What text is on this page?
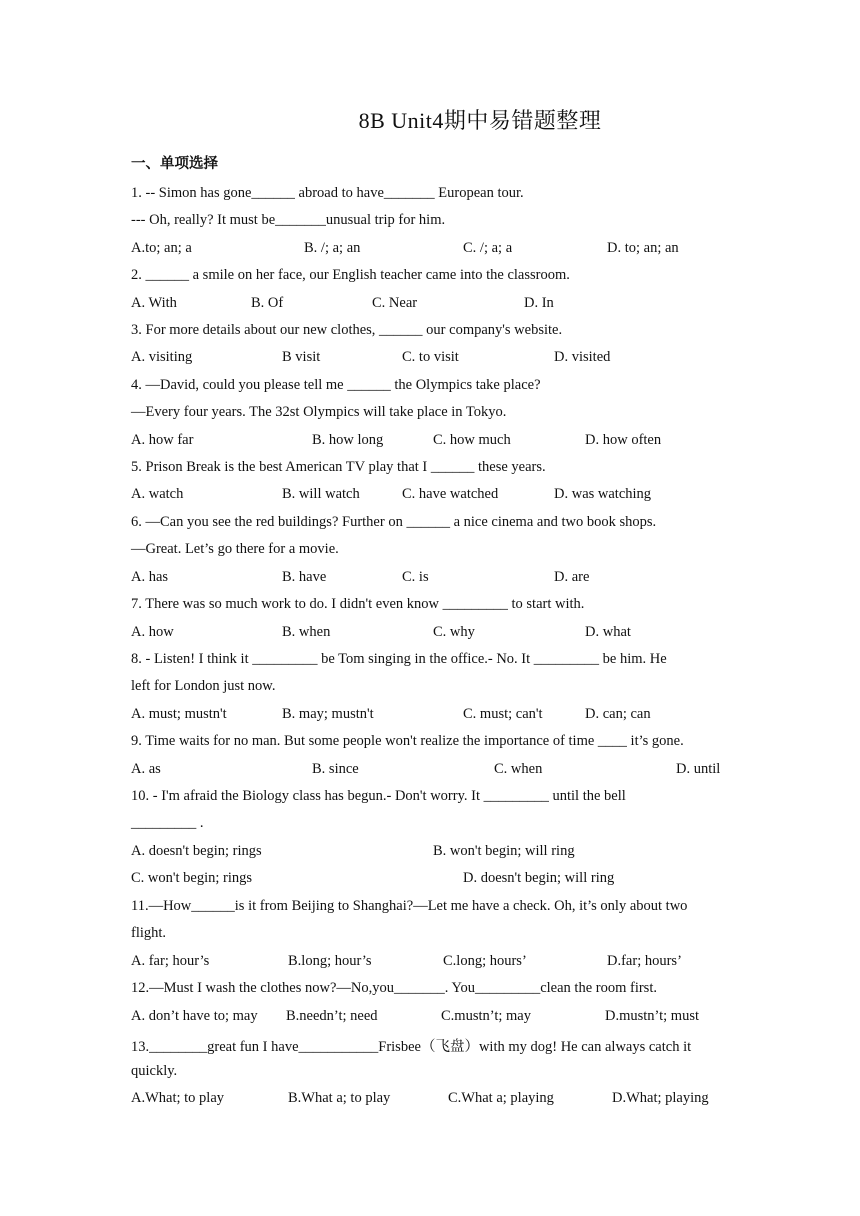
8B Unit4期中易错题整理
一、单项选择
1. -- Simon has gone______ abroad to have_______ European tour.
--- Oh, really? It must be_______unusual trip for him.
A.to; an; a	B. /; a; an	C. /; a; a	D. to; an; an
2. ______ a smile on her face, our English teacher came into the classroom.
A. With	B. Of	C. Near	D. In
3. For more details about our new clothes, ______ our company's website.
A. visiting	B visit	C. to visit	D. visited
4. —David, could you please tell me ______ the Olympics take place?
—Every four years. The 32st Olympics will take place in Tokyo.
A. how far	B. how long	C. how much	D. how often
5. Prison Break is the best American TV play that I ______ these years.
A. watch	B. will watch	C. have watched	D. was watching
6. —Can you see the red buildings? Further on ______ a nice cinema and two book shops.
—Great. Let’s go there for a movie.
A. has	B. have	C. is	D. are
7. There was so much work to do. I didn't even know _________ to start with.
A. how	B. when	C. why	D. what
8. - Listen! I think it _________ be Tom singing in the office.- No. It _________ be him. He
left for London just now.
A. must; mustn't	B. may; mustn't	C. must; can't	D. can; can
9. Time waits for no man. But some people won't realize the importance of time ____ it’s gone.
A. as	B. since	C. when	D. until
10. - I'm afraid the Biology class has begun.- Don't worry. It _________ until the bell
_________ .
A. doesn't begin; rings	B. won't begin; will ring
C. won't begin; rings	D. doesn't begin; will ring
11.—How______is it from Beijing to Shanghai?—Let me have a check. Oh, it’s only about two
flight.
A. far; hour’s	B.long; hour’s	C.long; hours’	D.far; hours’
12.—Must I wash the clothes now?—No,you_______. You_________clean the room first.
A. don’t have to; may B.needn’t; need	C.mustn’t; may	D.mustn’t; must
13.________great fun I have___________Frisbee（飞盘）with my dog! He can always catch it
quickly.
A.What; to play	B.What a; to play	C.What a; playing	D.What; playing
